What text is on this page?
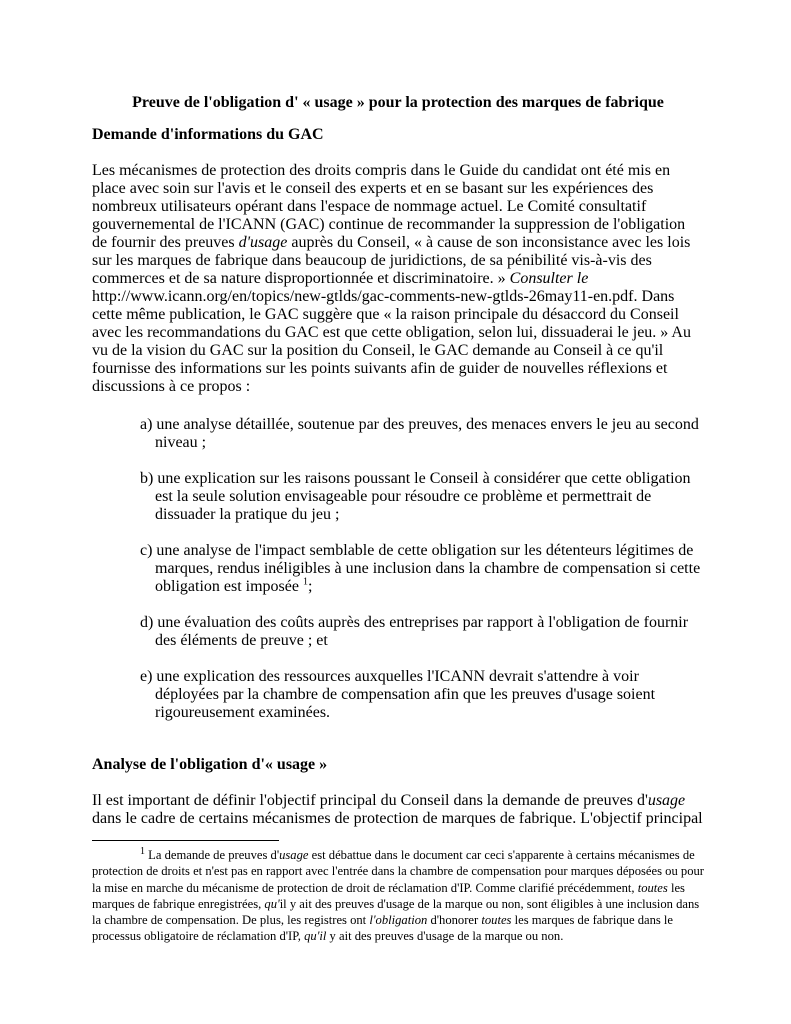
Preuve de l'obligation d' « usage » pour la protection des marques de fabrique

Demande d'informations du GAC

Les mécanismes de protection des droits compris dans le Guide du candidat ont été mis en place avec soin sur l'avis et le conseil des experts et en se basant sur les expériences des nombreux utilisateurs opérant dans l'espace de nommage actuel. Le Comité consultatif gouvernemental de l'ICANN (GAC) continue de recommander la suppression de l'obligation de fournir des preuves d'usage auprès du Conseil, « à cause de son inconsistance avec les lois sur les marques de fabrique dans beaucoup de juridictions, de sa pénibilité vis-à-vis des commerces et de sa nature disproportionnée et discriminatoire. » Consulter le http://www.icann.org/en/topics/new-gtlds/gac-comments-new-gtlds-26may11-en.pdf. Dans cette même publication, le GAC suggère que « la raison principale du désaccord du Conseil avec les recommandations du GAC est que cette obligation, selon lui, dissuaderai le jeu. » Au vu de la vision du GAC sur la position du Conseil, le GAC demande au Conseil à ce qu'il fournisse des informations sur les points suivants afin de guider de nouvelles réflexions et discussions à ce propos :

a) une analyse détaillée, soutenue par des preuves, des menaces envers le jeu au second niveau ;

b) une explication sur les raisons poussant le Conseil à considérer que cette obligation est la seule solution envisageable pour résoudre ce problème et permettrait de dissuader la pratique du jeu ;

c) une analyse de l'impact semblable de cette obligation sur les détenteurs légitimes de marques, rendus inéligibles à une inclusion dans la chambre de compensation si cette obligation est imposée $^1$;

d) une évaluation des coûts auprès des entreprises par rapport à l'obligation de fournir des éléments de preuve ; et

e) une explication des ressources auxquelles l'ICANN devrait s'attendre à voir déployées par la chambre de compensation afin que les preuves d'usage soient rigoureusement examinées.

Analyse de l'obligation d'« usage »

Il est important de définir l'objectif principal du Conseil dans la demande de preuves d'usage dans le cadre de certains mécanismes de protection de marques de fabrique. L'objectif principal

$^1$ La demande de preuves d'usage est débattue dans le document car ceci s'apparente à certains mécanismes de protection de droits et n'est pas en rapport avec l'entrée dans la chambre de compensation pour marques déposées ou pour la mise en marche du mécanisme de protection de droit de réclamation d'IP. Comme clarifié précédemment, toutes les marques de fabrique enregistrées, qu'il y ait des preuves d'usage de la marque ou non, sont éligibles à une inclusion dans la chambre de compensation. De plus, les registres ont l'obligation d'honorer toutes les marques de fabrique dans le processus obligatoire de réclamation d'IP, qu'il y ait des preuves d'usage de la marque ou non.
